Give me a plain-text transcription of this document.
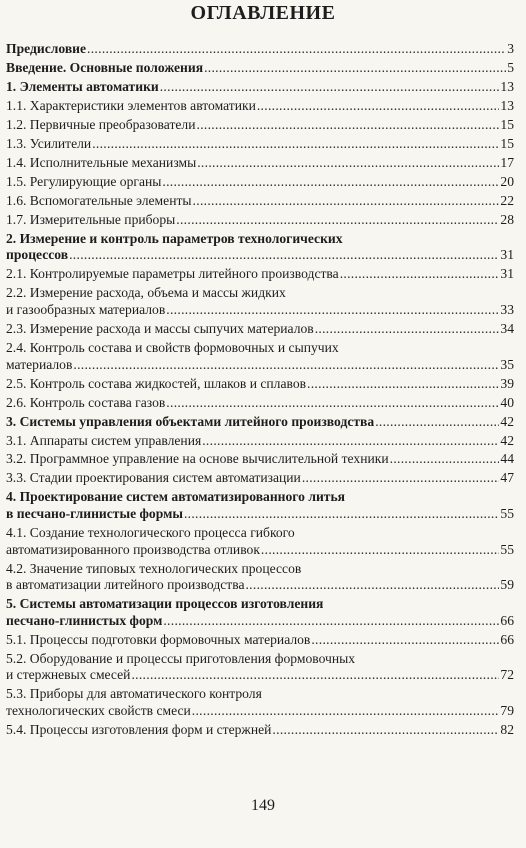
ОГЛАВЛЕНИЕ
Предисловие .....	3
Введение. Основные положения .....	5
1. Элементы автоматики .....	13
1.1. Характеристики элементов автоматики .....	13
1.2. Первичные преобразователи .....	15
1.3. Усилители .....	15
1.4. Исполнительные механизмы .....	17
1.5. Регулирующие органы .....	20
1.6. Вспомогательные элементы .....	22
1.7. Измерительные приборы .....	28
2. Измерение и контроль параметров технологических
процессов .....	31
2.1. Контролируемые параметры литейного производства .....	31
2.2. Измерение расхода, объема и массы жидких
и газообразных материалов .....	33
2.3. Измерение расхода и массы сыпучих материалов .....	34
2.4. Контроль состава и свойств формовочных и сыпучих
материалов .....	35
2.5. Контроль состава жидкостей, шлаков и сплавов .....	39
2.6. Контроль состава газов .....	40
3. Системы управления объектами литейного производства .....	42
3.1. Аппараты систем управления .....	42
3.2. Программное управление на основе вычислительной техники .....	44
3.3. Стадии проектирования систем автоматизации .....	47
4. Проектирование систем автоматизированного литья
в песчано-глинистые формы .....	55
4.1. Создание технологического процесса гибкого
автоматизированного производства отливок .....	55
4.2. Значение типовых технологических процессов
в автоматизации литейного производства .....	59
5. Системы автоматизации процессов изготовления
песчано-глинистых форм .....	66
5.1. Процессы подготовки формовочных материалов .....	66
5.2. Оборудование и процессы приготовления формовочных
и стержневых смесей .....	72
5.3. Приборы для автоматического контроля
технологических свойств смеси .....	79
5.4. Процессы изготовления форм и стержней .....	82
149
